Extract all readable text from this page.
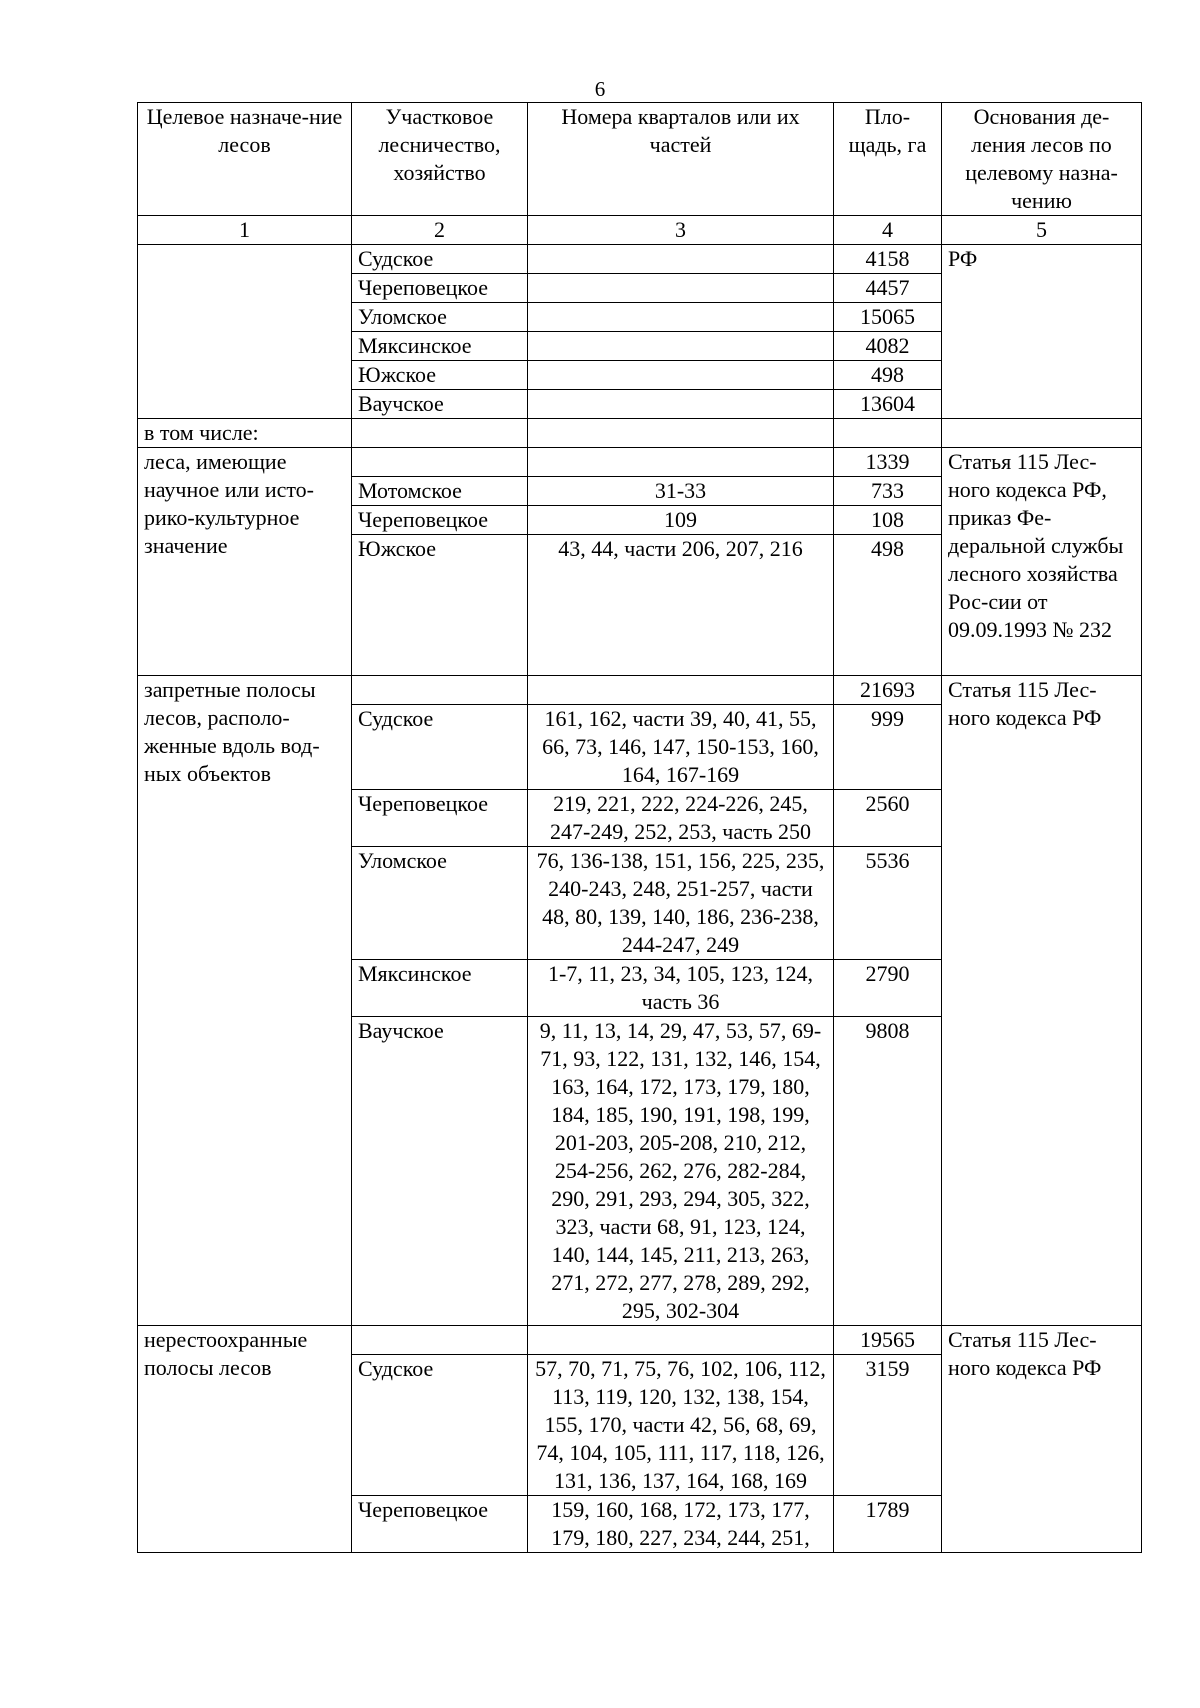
6
Целевое назначе-ние лесов	Участковое лесничество, хозяйство	Номера кварталов или их частей	Пло-щадь, га	Основания де-ления лесов по целевому назна-чению
1	2	3	4	5
	Судское		4158	РФ
	Череповецкое		4457	
	Уломское		15065	
	Мяксинское		4082	
	Южское		498	
	Ваучское		13604	
в том числе:				
леса, имеющие научное или исто-рико-культурное значение			1339	Статья 115 Лес-ного кодекса РФ, приказ Фе-деральной службы лесного хозяйства Рос-сии от 09.09.1993 № 232
	Мотомское	31-33	733	
	Череповецкое	109	108	
	Южское	43, 44, части 206, 207, 216	498	
запретные полосы лесов, располо-женные вдоль вод-ных объектов			21693	Статья 115 Лес-ного кодекса РФ
	Судское	161, 162, части 39, 40, 41, 55, 66, 73, 146, 147, 150-153, 160, 164, 167-169	999	
	Череповецкое	219, 221, 222, 224-226, 245, 247-249, 252, 253, часть 250	2560	
	Уломское	76, 136-138, 151, 156, 225, 235, 240-243, 248, 251-257, части 48, 80, 139, 140, 186, 236-238, 244-247, 249	5536	
	Мяксинское	1-7, 11, 23, 34, 105, 123, 124, часть 36	2790	
	Ваучское	9, 11, 13, 14, 29, 47, 53, 57, 69-71, 93, 122, 131, 132, 146, 154, 163, 164, 172, 173, 179, 180, 184, 185, 190, 191, 198, 199, 201-203, 205-208, 210, 212, 254-256, 262, 276, 282-284, 290, 291, 293, 294, 305, 322, 323, части 68, 91, 123, 124, 140, 144, 145, 211, 213, 263, 271, 272, 277, 278, 289, 292, 295, 302-304	9808	
нерестоохранные полосы лесов			19565	Статья 115 Лес-ного кодекса РФ
	Судское	57, 70, 71, 75, 76, 102, 106, 112, 113, 119, 120, 132, 138, 154, 155, 170, части 42, 56, 68, 69, 74, 104, 105, 111, 117, 118, 126, 131, 136, 137, 164, 168, 169	3159	
	Череповецкое	159, 160, 168, 172, 173, 177, 179, 180, 227, 234, 244, 251,	1789	
